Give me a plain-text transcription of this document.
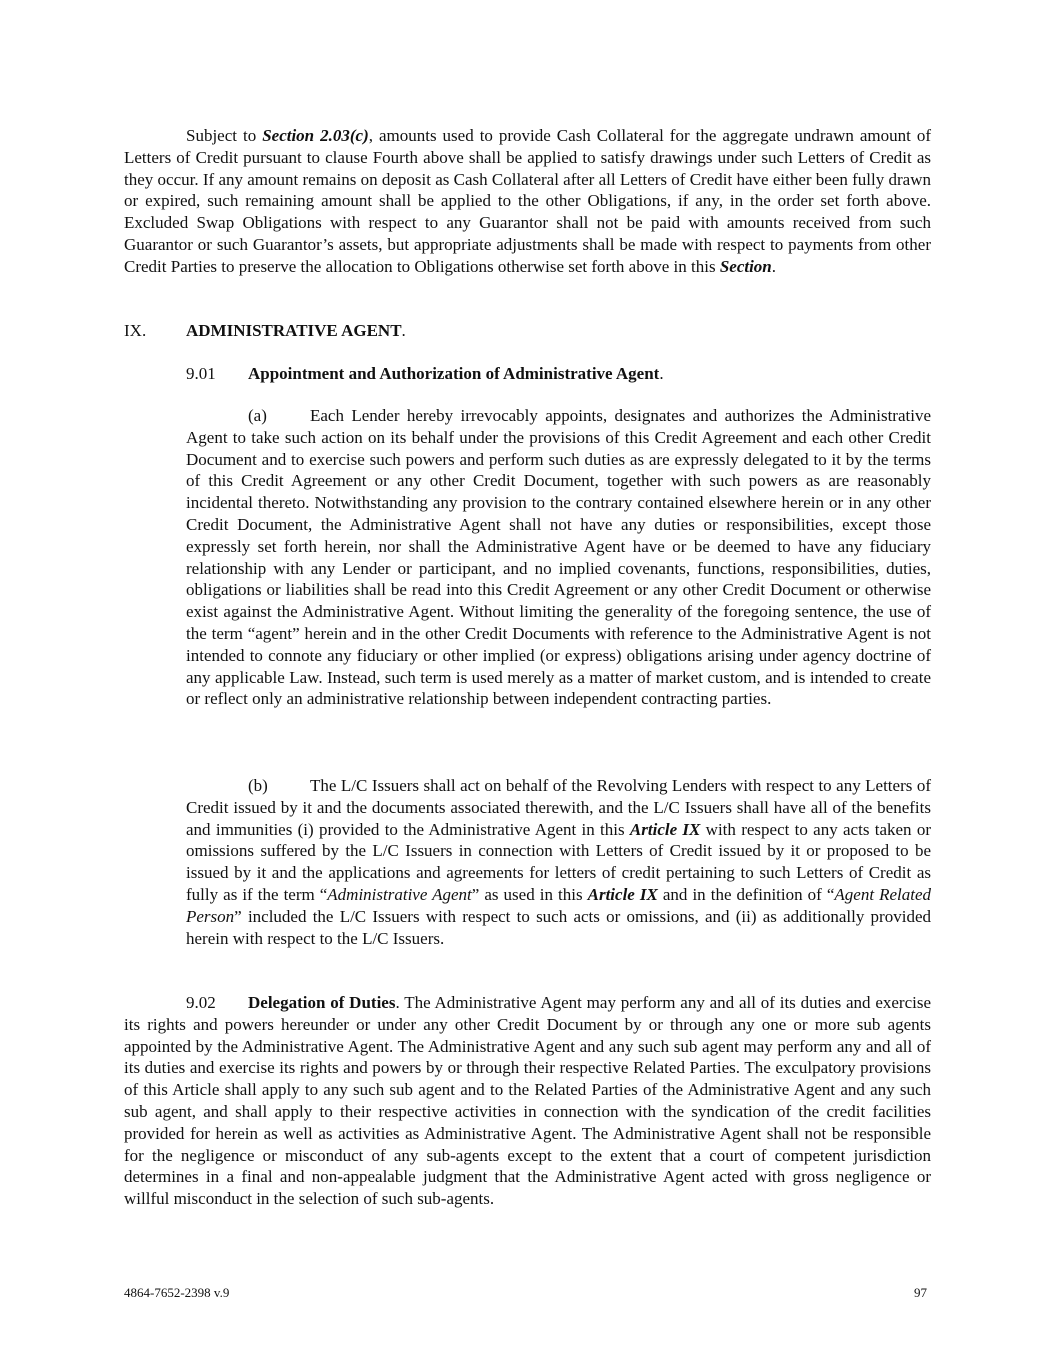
Subject to Section 2.03(c), amounts used to provide Cash Collateral for the aggregate undrawn amount of Letters of Credit pursuant to clause Fourth above shall be applied to satisfy drawings under such Letters of Credit as they occur. If any amount remains on deposit as Cash Collateral after all Letters of Credit have either been fully drawn or expired, such remaining amount shall be applied to the other Obligations, if any, in the order set forth above. Excluded Swap Obligations with respect to any Guarantor shall not be paid with amounts received from such Guarantor or such Guarantor’s assets, but appropriate adjustments shall be made with respect to payments from other Credit Parties to preserve the allocation to Obligations otherwise set forth above in this Section.

IX. ADMINISTRATIVE AGENT.
9.01 Appointment and Authorization of Administrative Agent.

(a)	Each Lender hereby irrevocably appoints, designates and authorizes the Administrative Agent to take such action on its behalf under the provisions of this Credit Agreement and each other Credit Document and to exercise such powers and perform such duties as are expressly delegated to it by the terms of this Credit Agreement or any other Credit Document, together with such powers as are reasonably incidental thereto. Notwithstanding any provision to the contrary contained elsewhere herein or in any other Credit Document, the Administrative Agent shall not have any duties or responsibilities, except those expressly set forth herein, nor shall the Administrative Agent have or be deemed to have any fiduciary relationship with any Lender or participant, and no implied covenants, functions, responsibilities, duties, obligations or liabilities shall be read into this Credit Agreement or any other Credit Document or otherwise exist against the Administrative Agent. Without limiting the generality of the foregoing sentence, the use of the term “agent” herein and in the other Credit Documents with reference to the Administrative Agent is not intended to connote any fiduciary or other implied (or express) obligations arising under agency doctrine of any applicable Law. Instead, such term is used merely as a matter of market custom, and is intended to create or reflect only an administrative relationship between independent contracting parties.

(b) The L/C Issuers shall act on behalf of the Revolving Lenders with respect to any Letters of Credit issued by it and the documents associated therewith, and the L/C Issuers shall have all of the benefits and immunities (i) provided to the Administrative Agent in this Article IX with respect to any acts taken or omissions suffered by the L/C Issuers in connection with Letters of Credit issued by it or proposed to be issued by it and the applications and agreements for letters of credit pertaining to such Letters of Credit as fully as if the term “Administrative Agent” as used in this Article IX and in the definition of “Agent Related Person” included the L/C Issuers with respect to such acts or omissions, and (ii) as additionally provided herein with respect to the L/C Issuers.

9.02 Delegation of Duties. The Administrative Agent may perform any and all of its duties and exercise its rights and powers hereunder or under any other Credit Document by or through any one or more sub agents appointed by the Administrative Agent. The Administrative Agent and any such sub agent may perform any and all of its duties and exercise its rights and powers by or through their respective Related Parties. The exculpatory provisions of this Article shall apply to any such sub agent and to the Related Parties of the Administrative Agent and any such sub agent, and shall apply to their respective activities in connection with the syndication of the credit facilities provided for herein as well as activities as Administrative Agent. The Administrative Agent shall not be responsible for the negligence or misconduct of any sub-agents except to the extent that a court of competent jurisdiction determines in a final and non-appealable judgment that the Administrative Agent acted with gross negligence or willful misconduct in the selection of such sub-agents.

4864-7652-2398 v.9	97
